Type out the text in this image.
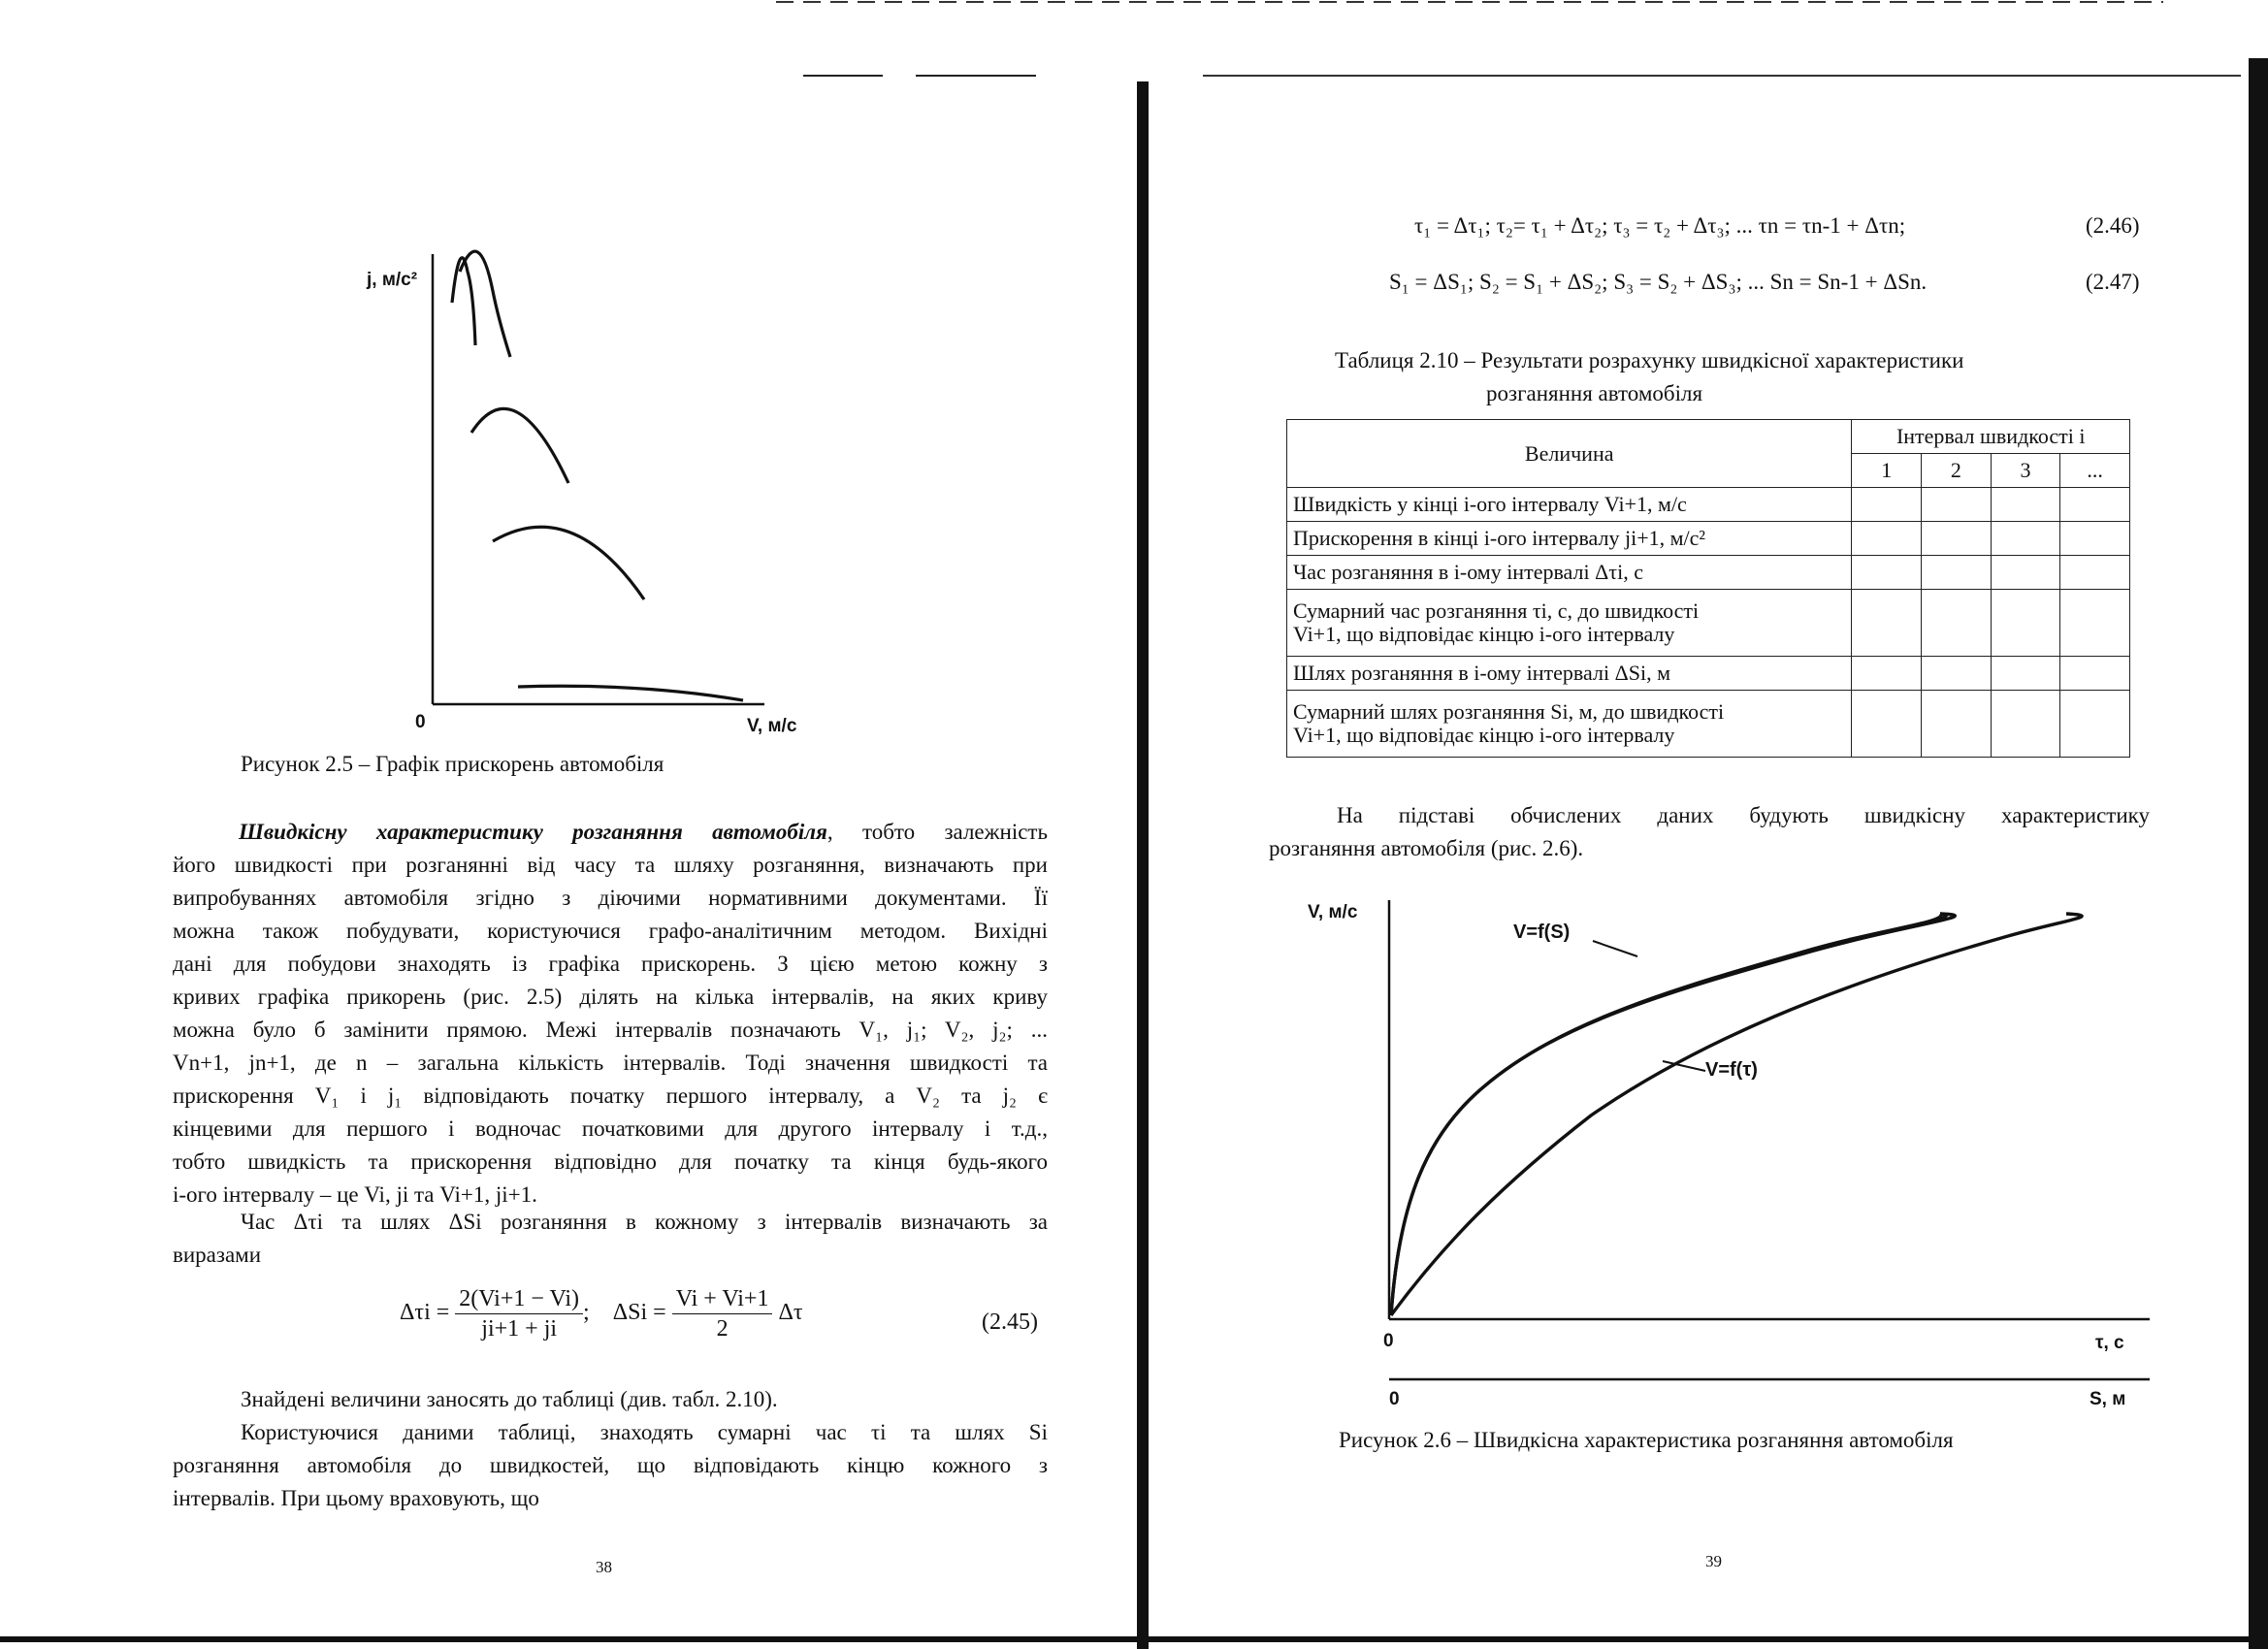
j, м/с²
V, м/с
0
Рисунок 2.5 – Графік прискорень автомобіля
Швидкісну характеристику розганяння автомобіля, тобто залежність
його швидкості при розганянні від часу та шляху розганяння, визначають при
випробуваннях автомобіля згідно з діючими нормативними документами. Її
можна також побудувати, користуючися графо-аналітичним методом. Вихідні
дані для побудови знаходять із графіка прискорень. З цією метою кожну з
кривих графіка прикорень (рис. 2.5) ділять на кілька інтервалів, на яких криву
можна було б замінити прямою. Межі інтервалів позначають V₁, j₁; V₂, j₂; ...
Vn+1, jn+1, де n – загальна кількість інтервалів. Тоді значення швидкості та
прискорення V₁ і j₁ відповідають початку першого інтервалу, а V₂ та j₂ є
кінцевими для першого і водночас початковими для другого інтервалу і т.д.,
тобто швидкість та прискорення відповідно для початку та кінця будь-якого
і-ого інтервалу – це Vi, ji та Vi+1, ji+1.
Час Δτi та шлях ΔSi розганяння в кожному з інтервалів визначають за
виразами
$\Delta\tau i = \frac{2(Vi+1 - Vi)}{ji+1 + ji}$ ; $\Delta Si = \frac{Vi + Vi+1}{2}$ Δτ	(2.45)
Знайдені величини заносять до таблиці (див. табл. 2.10).
Користуючися даними таблиці, знаходять сумарні час τi та шлях Si
розганяння автомобіля до швидкостей, що відповідають кінцю кожного з
інтервалів. При цьому враховують, що
38
τ₁ = Δτ₁; τ₂= τ₁ + Δτ₂; τ₃ = τ₂ + Δτ₃; ... τn = τn-1 + Δτn;	(2.46)
S₁ = ΔS₁; S₂ = S₁ + ΔS₂; S₃ = S₂ + ΔS₃; ... Sn = Sn-1 + ΔSn.	(2.47)
Таблиця 2.10 – Результати розрахунку швидкісної характеристики
розганяння автомобіля
Величина	Інтервал швидкості і			
	1	2	3	...
Швидкість у кінці і-ого інтервалу Vi+1, м/с				
Прискорення в кінці і-ого інтервалу ji+1, м/с²				
Час розганяння в і-ому інтервалі Δτi, с				

Сумарний час розганяння τi, с, до швидкості
Vi+1, що відповідає кінцю і-ого інтервалу				

Шлях розганяння в і-ому інтервалі ΔSi, м				

Сумарний шлях розганяння Si, м, до швидкості
Vi+1, що відповідає кінцю і-ого інтервалу				

На підставі обчислених даних будують швидкісну характеристику
розганяння автомобіля (рис. 2.6).
V, м/с
V=f(S)
V=f(τ)
0	τ, с
0	S, м
Рисунок 2.6 – Швидкісна характеристика розганяння автомобіля
39
